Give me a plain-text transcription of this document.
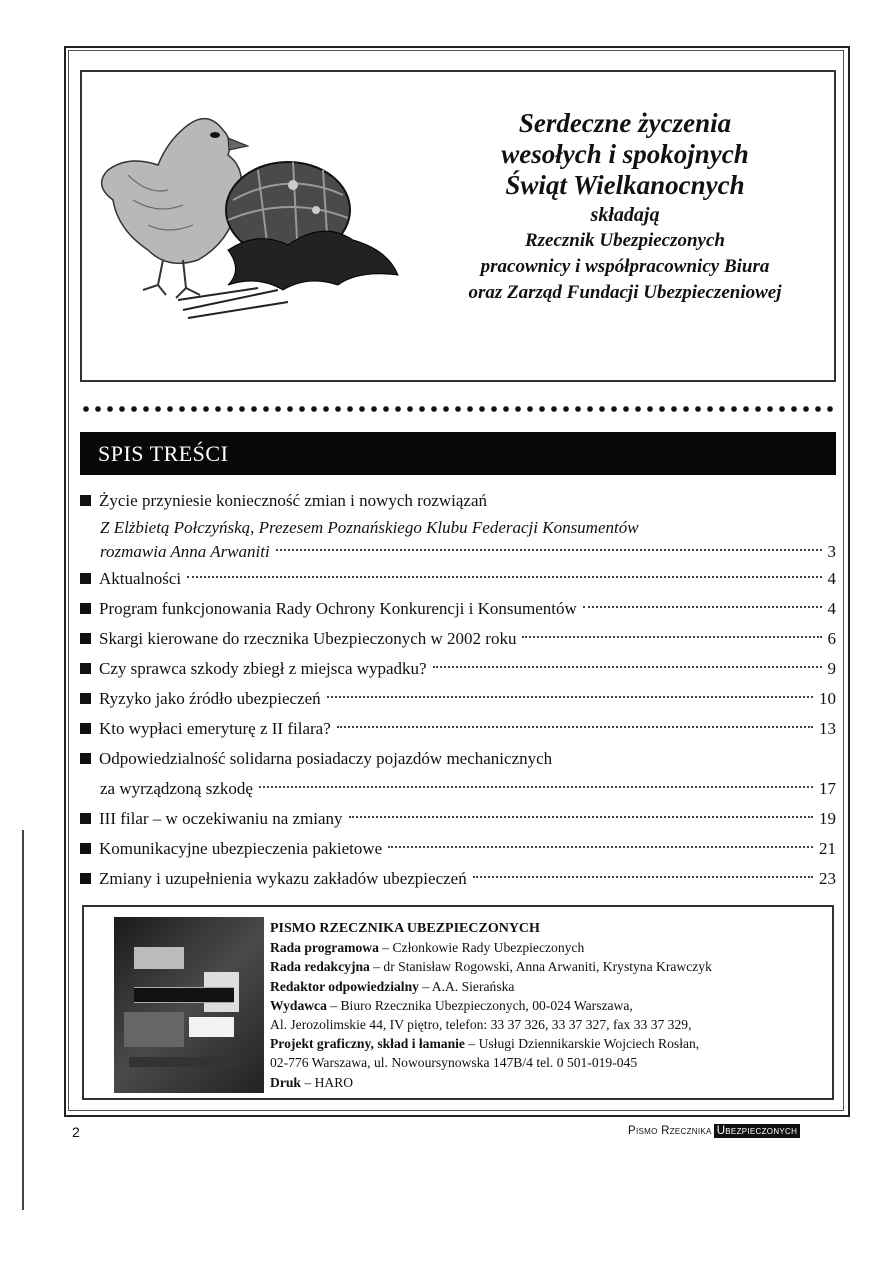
Serdeczne życzenia
wesołych i spokojnych
Świąt Wielkanocnych
składają
Rzecznik Ubezpieczonych
pracownicy i współpracownicy Biura
oraz Zarząd Fundacji Ubezpieczeniowej
SPIS TREŚCI
Życie przyniesie konieczność zmian i nowych rozwiązań
Z Elżbietą Połczyńską, Prezesem Poznańskiego Klubu Federacji Konsumentów
rozmawia Anna Arwaniti	3
Aktualności	4
Program funkcjonowania Rady Ochrony Konkurencji i Konsumentów	4
Skargi kierowane do rzecznika Ubezpieczonych w 2002 roku	6
Czy sprawca szkody zbiegł z miejsca wypadku?	9
Ryzyko jako źródło ubezpieczeń	10
Kto wypłaci emeryturę z II filara?	13
Odpowiedzialność solidarna posiadaczy pojazdów mechanicznych
za wyrządzoną szkodę	17
III filar – w oczekiwaniu na zmiany	19
Komunikacyjne ubezpieczenia pakietowe	21
Zmiany i uzupełnienia wykazu zakładów ubezpieczeń	23
PISMO RZECZNIKA UBEZPIECZONYCH
Rada programowa – Członkowie Rady Ubezpieczonych
Rada redakcyjna – dr Stanisław Rogowski, Anna Arwaniti, Krystyna Krawczyk
Redaktor odpowiedzialny – A.A. Sierańska
Wydawca – Biuro Rzecznika Ubezpieczonych, 00-024 Warszawa,
Al. Jerozolimskie 44, IV piętro, telefon: 33 37 326, 33 37 327, fax 33 37 329,
Projekt graficzny, skład i łamanie – Usługi Dziennikarskie Wojciech Rosłan,
02-776 Warszawa, ul. Nowoursynowska 147B/4 tel. 0 501-019-045
Druk – HARO
2	Pismo Rzecznika Ubezpieczonych
